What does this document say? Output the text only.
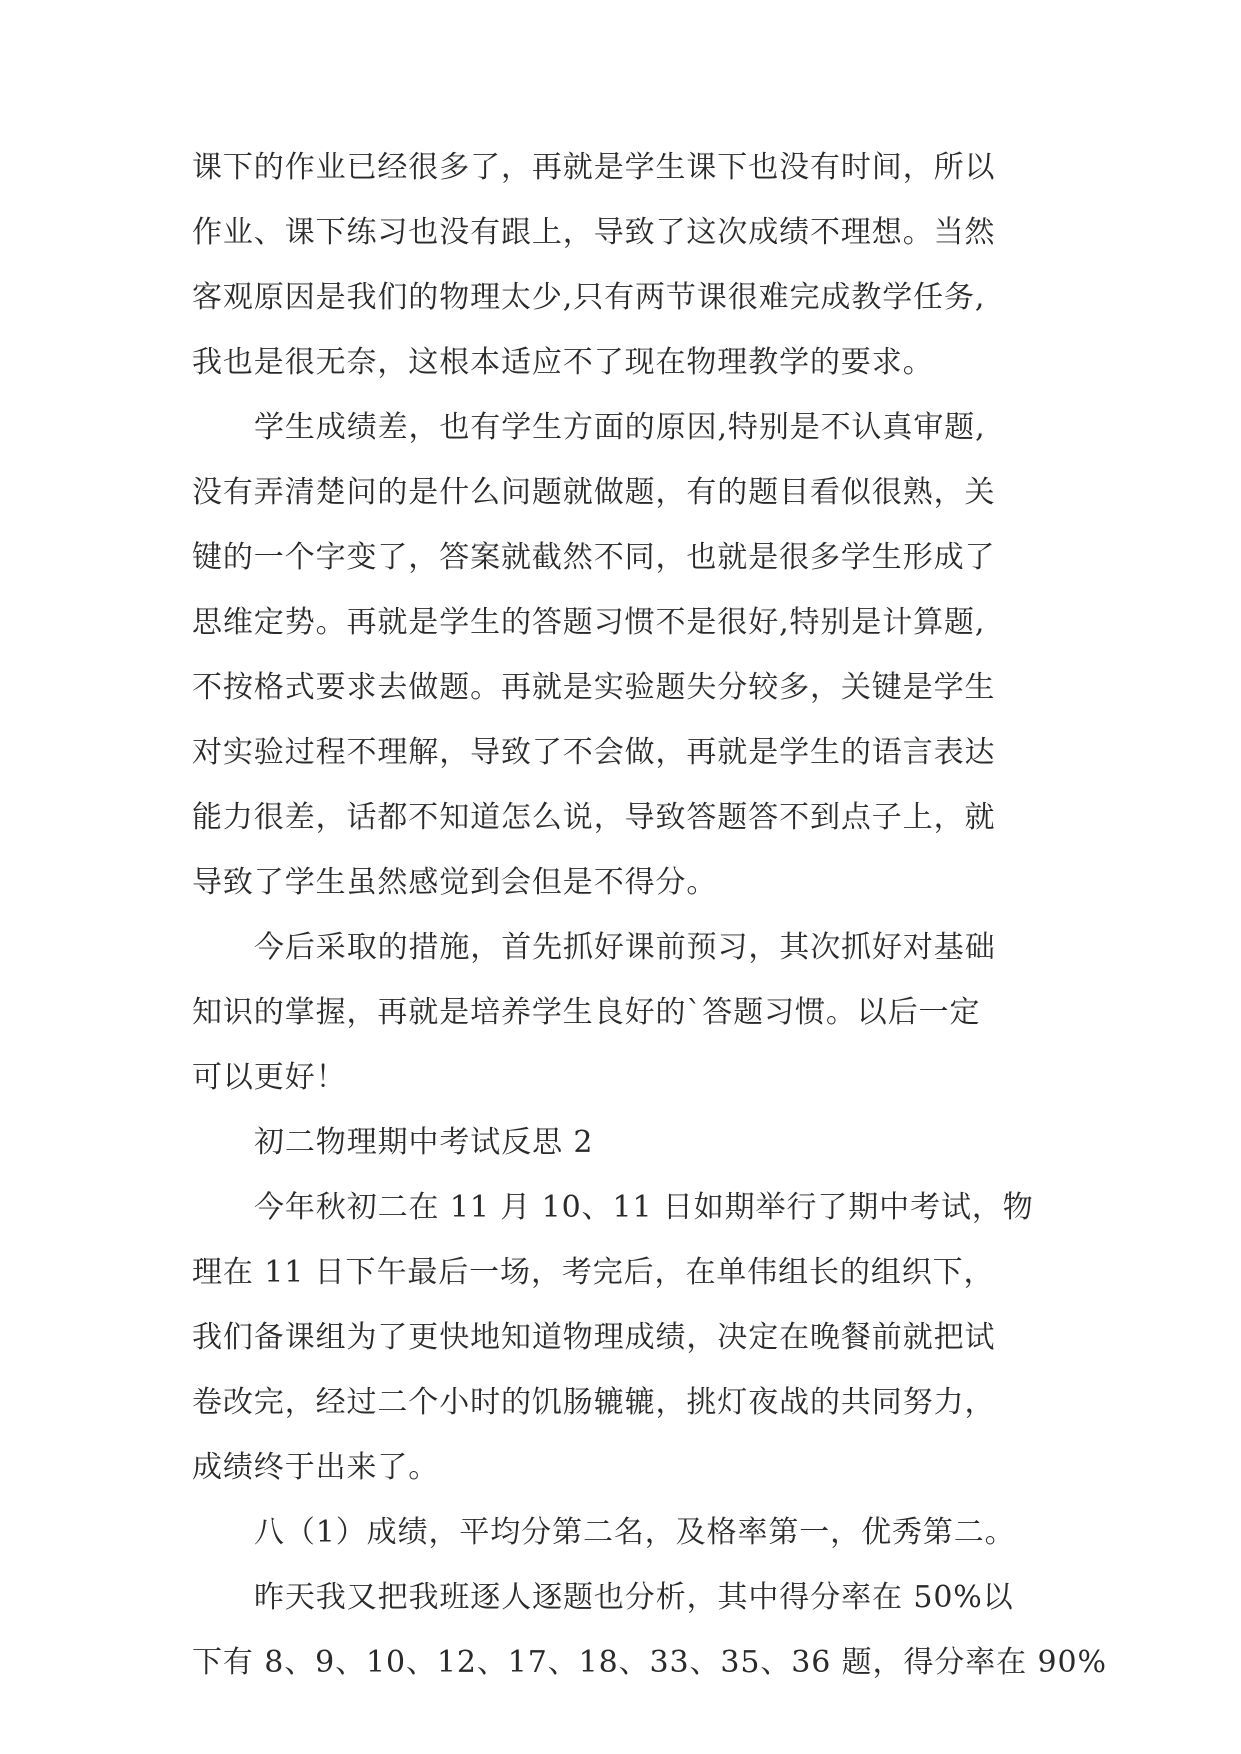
课下的作业已经很多了，再就是学生课下也没有时间，所以
作业、课下练习也没有跟上，导致了这次成绩不理想。当然
客观原因是我们的物理太少,只有两节课很难完成教学任务,
我也是很无奈，这根本适应不了现在物理教学的要求。
学生成绩差，也有学生方面的原因,特别是不认真审题,
没有弄清楚问的是什么问题就做题，有的题目看似很熟，关
键的一个字变了，答案就截然不同，也就是很多学生形成了
思维定势。再就是学生的答题习惯不是很好,特别是计算题,
不按格式要求去做题。再就是实验题失分较多，关键是学生
对实验过程不理解，导致了不会做，再就是学生的语言表达
能力很差，话都不知道怎么说，导致答题答不到点子上，就
导致了学生虽然感觉到会但是不得分。
今后采取的措施，首先抓好课前预习，其次抓好对基础
知识的掌握，再就是培养学生良好的`答题习惯。以后一定
可以更好！
初二物理期中考试反思 2
今年秋初二在 11 月 10、11 日如期举行了期中考试，物
理在 11 日下午最后一场，考完后，在单伟组长的组织下，
我们备课组为了更快地知道物理成绩，决定在晚餐前就把试
卷改完，经过二个小时的饥肠辘辘，挑灯夜战的共同努力，
成绩终于出来了。
八（1）成绩，平均分第二名，及格率第一，优秀第二。
昨天我又把我班逐人逐题也分析，其中得分率在 50%以
下有 8、9、10、12、17、18、33、35、36 题，得分率在 90%
